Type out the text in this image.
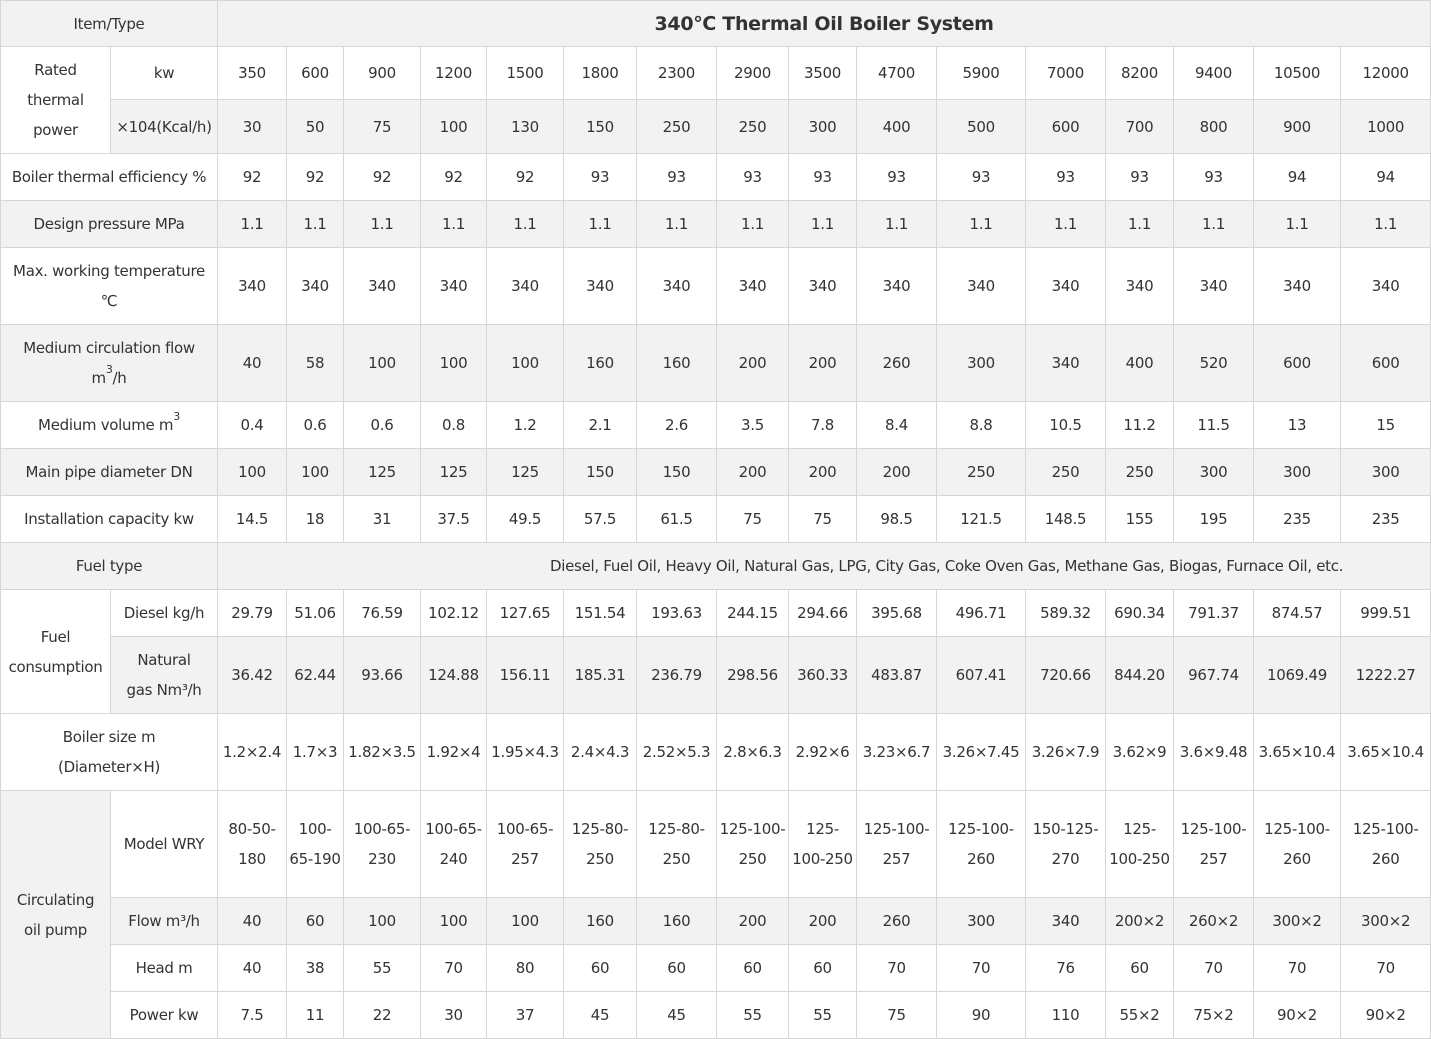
Item/Type		340℃ Thermal Oil Boiler System															
Rated thermal power	kw	350	600	900	1200	1500	1800	2300	2900	3500	4700	5900	7000	8200	9400	10500	12000
	×104(Kcal/h)	30	50	75	100	130	150	250	250	300	400	500	600	700	800	900	1000
Boiler thermal efficiency %		92	92	92	92	92	93	93	93	93	93	93	93	93	93	94	94
Design pressure MPa		1.1	1.1	1.1	1.1	1.1	1.1	1.1	1.1	1.1	1.1	1.1	1.1	1.1	1.1	1.1	1.1
Max. working temperature ℃		340	340	340	340	340	340	340	340	340	340	340	340	340	340	340	340
Medium circulation flow $m^3/h$		40	58	100	100	100	160	160	200	200	260	300	340	400	520	600	600
Medium volume $m^3$		0.4	0.6	0.6	0.8	1.2	2.1	2.6	3.5	7.8	8.4	8.8	10.5	11.2	11.5	13	15
Main pipe diameter DN		100	100	125	125	125	150	150	200	200	200	250	250	250	300	300	300
Installation capacity kw		14.5	18	31	37.5	49.5	57.5	61.5	75	75	98.5	121.5	148.5	155	195	235	235
Fuel type		Diesel, Fuel Oil, Heavy Oil, Natural Gas, LPG, City Gas, Coke Oven Gas, Methane Gas, Biogas, Furnace Oil, etc.															
Fuel consumption	Diesel kg/h	29.79	51.06	76.59	102.12	127.65	151.54	193.63	244.15	294.66	395.68	496.71	589.32	690.34	791.37	874.57	999.51
	Natural gas Nm³/h	36.42	62.44	93.66	124.88	156.11	185.31	236.79	298.56	360.33	483.87	607.41	720.66	844.20	967.74	1069.49	1222.27
Boiler size m (Diameter×H)		1.2×2.4	1.7×3	1.82×3.5	1.92×4	1.95×4.3	2.4×4.3	2.52×5.3	2.8×6.3	2.92×6	3.23×6.7	3.26×7.45	3.26×7.9	3.62×9	3.6×9.48	3.65×10.4	3.65×10.4
Circulating oil pump	Model WRY	80-50-180	100-65-190	100-65-230	100-65-240	100-65-257	125-80-250	125-80-250	125-100-250	125-100-250	125-100-257	125-100-260	150-125-270	125-100-250	125-100-257	125-100-260	125-100-260
	Flow m³/h	40	60	100	100	100	160	160	200	200	260	300	340	200×2	260×2	300×2	300×2
	Head m	40	38	55	70	80	60	60	60	60	70	70	76	60	70	70	70
	Power kw	7.5	11	22	30	37	45	45	55	55	75	90	110	55×2	75×2	90×2	90×2
